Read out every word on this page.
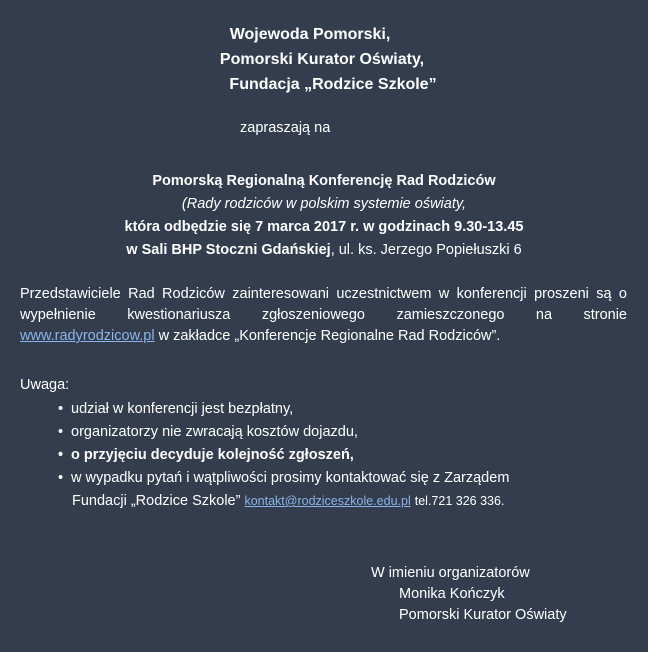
Wojewoda Pomorski,
Pomorski Kurator Oświaty,
Fundacja „Rodzice Szkole”
zapraszają na
Pomorską Regionalną Konferencję Rad Rodziców
(Rady rodziców w polskim systemie oświaty,
która odbędzie się 7 marca 2017 r. w godzinach 9.30-13.45
w Sali BHP Stoczni Gdańskiej, ul. ks. Jerzego Popiełuszki 6
Przedstawiciele Rad Rodziców zainteresowani uczestnictwem w konferencji proszeni są o wypełnienie kwestionariusza zgłoszeniowego zamieszczonego na stronie www.radyrodzicow.pl w zakładce „Konferencje Regionalne Rad Rodziców”.
Uwaga:
• udział w konferencji jest bezpłatny,
• organizatorzy nie zwracają kosztów dojazdu,
• o przyjęciu decyduje kolejność zgłoszeń,
• w wypadku pytań i wątpliwości prosimy kontaktować się z Zarządem
Fundacji „Rodzice Szkole” kontakt@rodziceszkole.edu.pl tel.721 326 336.
W imieniu organizatorów
Monika Kończyk
Pomorski Kurator Oświaty
